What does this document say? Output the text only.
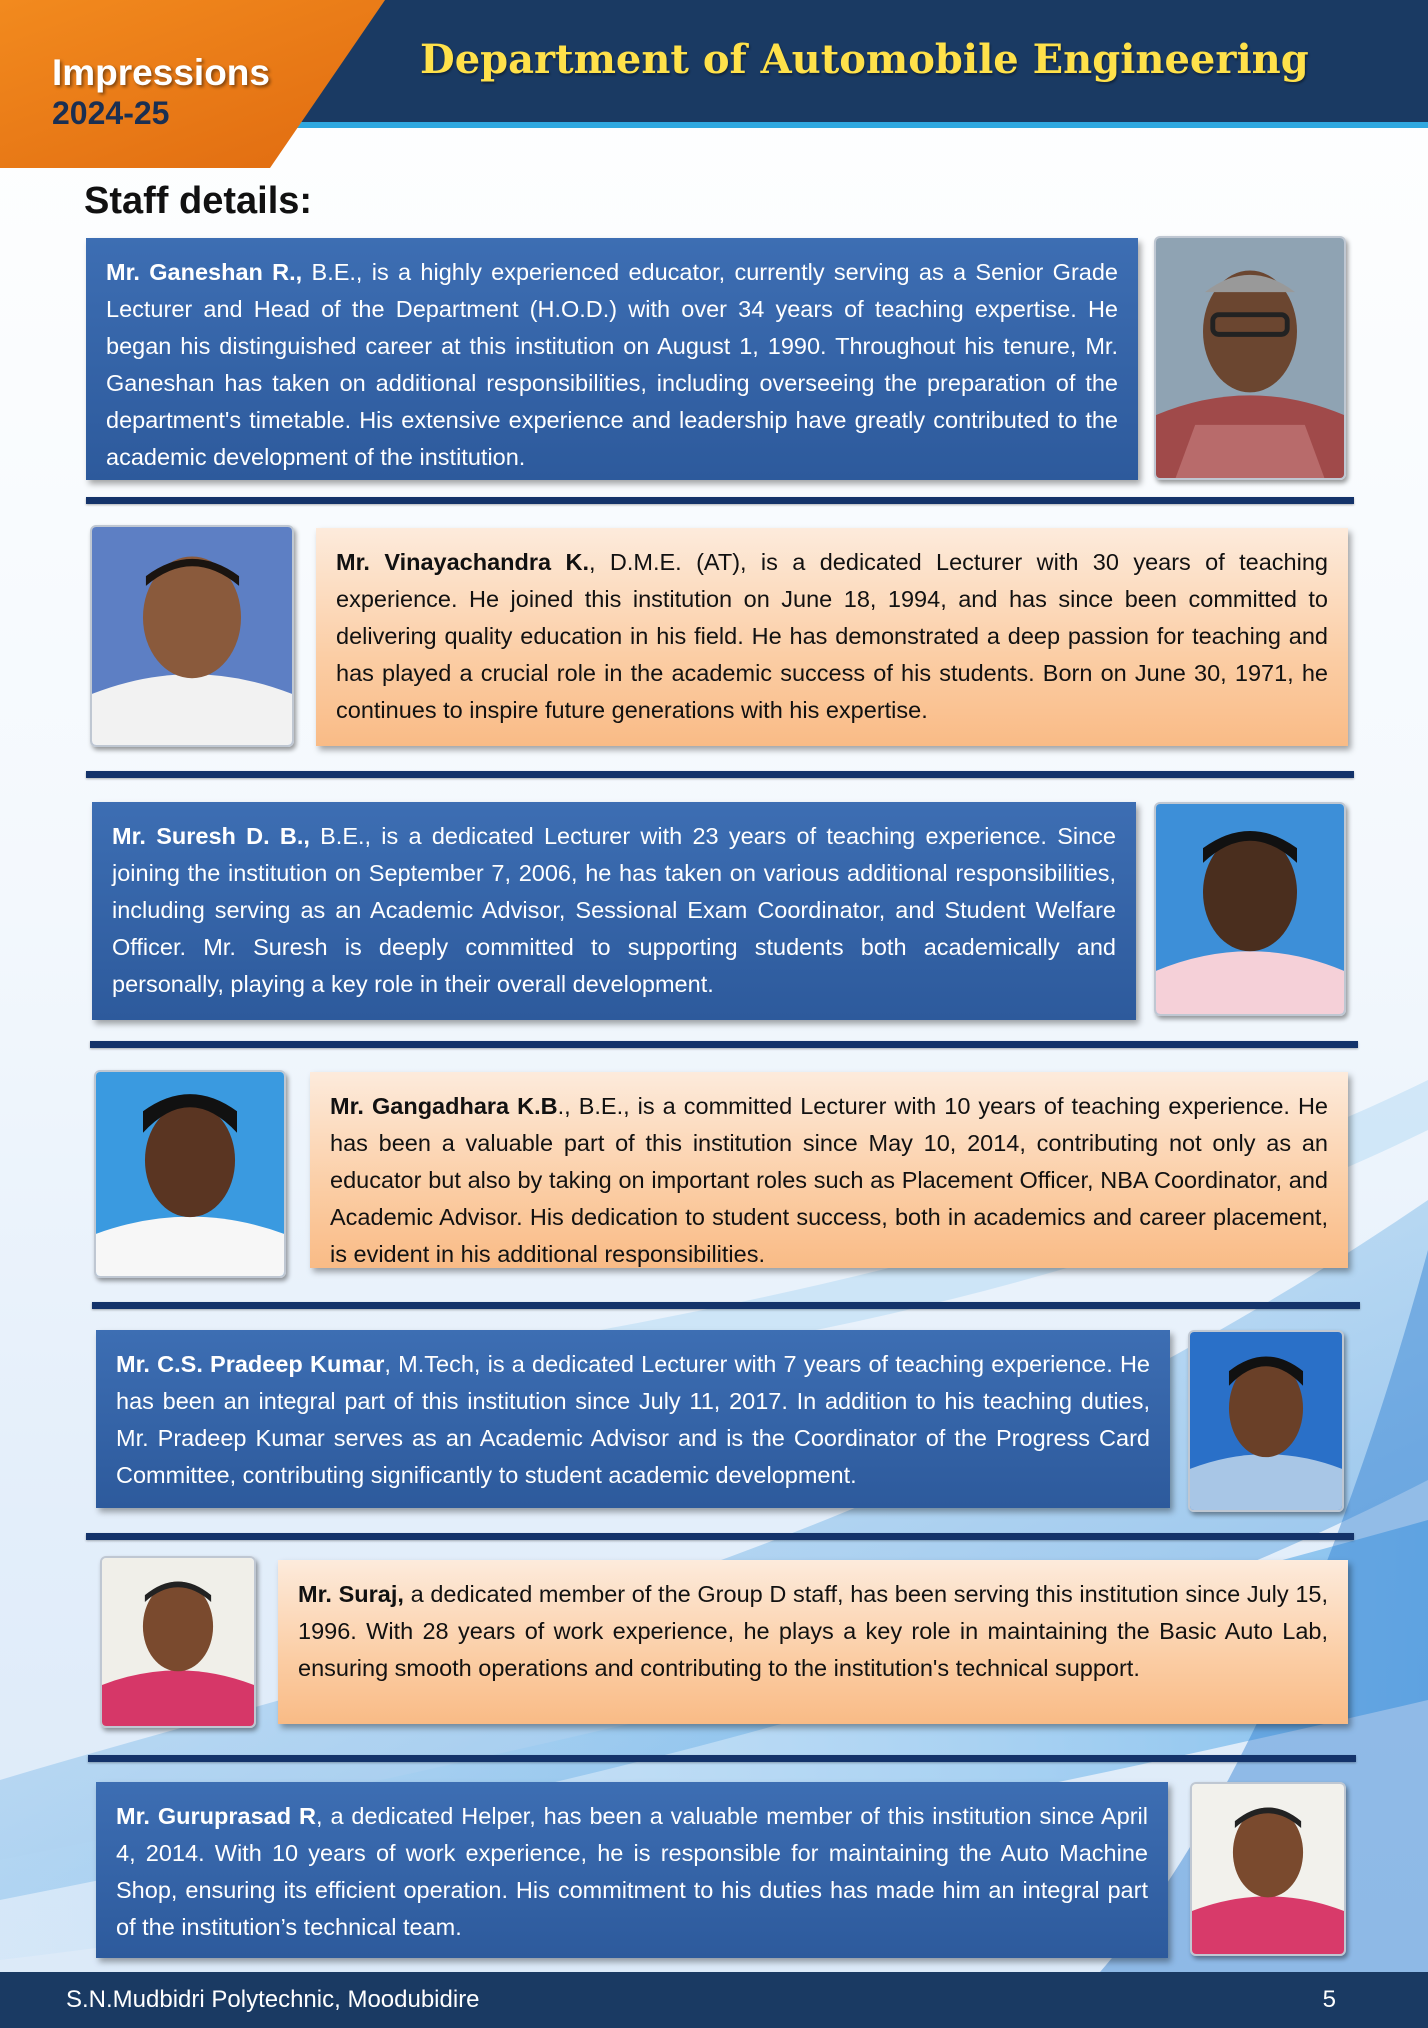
Impressions
2024-25
Department of Automobile Engineering
Staff details:
Mr. Ganeshan R., B.E., is a highly experienced educator, currently serving as a Senior Grade Lecturer and Head of the Department (H.O.D.) with over 34 years of teaching expertise. He began his distinguished career at this institution on August 1, 1990. Throughout his tenure, Mr. Ganeshan has taken on additional responsibilities, including overseeing the preparation of the department's timetable. His extensive experience and leadership have greatly contributed to the academic development of the institution.
Mr. Vinayachandra K., D.M.E. (AT), is a dedicated Lecturer with 30 years of teaching experience. He joined this institution on June 18, 1994, and has since been committed to delivering quality education in his field. He has demonstrated a deep passion for teaching and has played a crucial role in the academic success of his students. Born on June 30, 1971, he continues to inspire future generations with his expertise.
Mr. Suresh D. B., B.E., is a dedicated Lecturer with 23 years of teaching experience. Since joining the institution on September 7, 2006, he has taken on various additional responsibilities, including serving as an Academic Advisor, Sessional Exam Coordinator, and Student Welfare Officer. Mr. Suresh is deeply committed to supporting students both academically and personally, playing a key role in their overall development.
Mr. Gangadhara K.B., B.E., is a committed Lecturer with 10 years of teaching experience. He has been a valuable part of this institution since May 10, 2014, contributing not only as an educator but also by taking on important roles such as Placement Officer, NBA Coordinator, and Academic Advisor. His dedication to student success, both in academics and career placement, is evident in his additional responsibilities.
Mr. C.S. Pradeep Kumar, M.Tech, is a dedicated Lecturer with 7 years of teaching experience. He has been an integral part of this institution since July 11, 2017. In addition to his teaching duties, Mr. Pradeep Kumar serves as an Academic Advisor and is the Coordinator of the Progress Card Committee, contributing significantly to student academic development.
Mr. Suraj, a dedicated member of the Group D staff, has been serving this institution since July 15, 1996. With 28 years of work experience, he plays a key role in maintaining the Basic Auto Lab, ensuring smooth operations and contributing to the institution's technical support.
Mr. Guruprasad R, a dedicated Helper, has been a valuable member of this institution since April 4, 2014. With 10 years of work experience, he is responsible for maintaining the Auto Machine Shop, ensuring its efficient operation. His commitment to his duties has made him an integral part of the institution’s technical team.
S.N.Mudbidri Polytechnic, Moodubidire	5
